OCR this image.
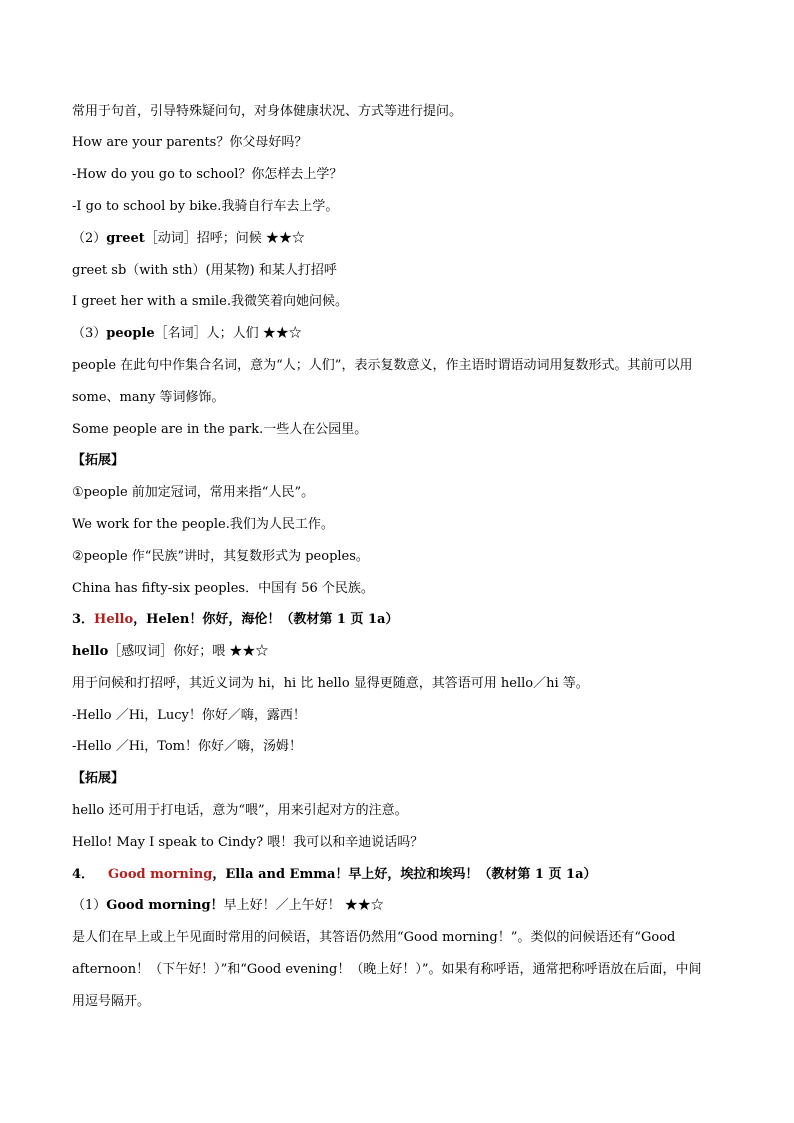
常用于句首，引导特殊疑问句，对身体健康状况、方式等进行提问。
How are your parents？你父母好吗？
-How do you go to school？你怎样去上学？
-I go to school by bike.我骑自行车去上学。
（2）greet［动词］招呼；问候 ★★☆
greet sb（with sth）(用某物) 和某人打招呼
I greet her with a smile.我微笑着向她问候。
（3）people［名词］人；人们 ★★☆
people 在此句中作集合名词，意为“人；人们”，表示复数意义，作主语时谓语动词用复数形式。其前可以用
some、many 等词修饰。
Some people are in the park.一些人在公园里。
【拓展】
①people 前加定冠词，常用来指“人民”。
We work for the people.我们为人民工作。
②people 作“民族”讲时，其复数形式为 peoples。
China has fifty-six peoples．中国有 56 个民族。
3．Hello，Helen！你好，海伦！（教材第 1 页 1a）
hello［感叹词］你好；喂 ★★☆
用于问候和打招呼，其近义词为 hi，hi 比 hello 显得更随意，其答语可用 hello／hi 等。
-Hello ／Hi，Lucy！你好／嗨，露西！
-Hello ／Hi，Tom！你好／嗨，汤姆！
【拓展】
hello 还可用于打电话，意为“喂”，用来引起对方的注意。
Hello! May I speak to Cindy? 喂！我可以和辛迪说话吗？
4． Good morning，Ella and Emma！早上好，埃拉和埃玛！（教材第 1 页 1a）
（1）Good morning！早上好！／上午好！ ★★☆
是人们在早上或上午见面时常用的问候语，其答语仍然用“Good morning！”。类似的问候语还有“Good
afternoon！（下午好！）”和“Good evening！（晚上好！）”。如果有称呼语，通常把称呼语放在后面，中间
用逗号隔开。
